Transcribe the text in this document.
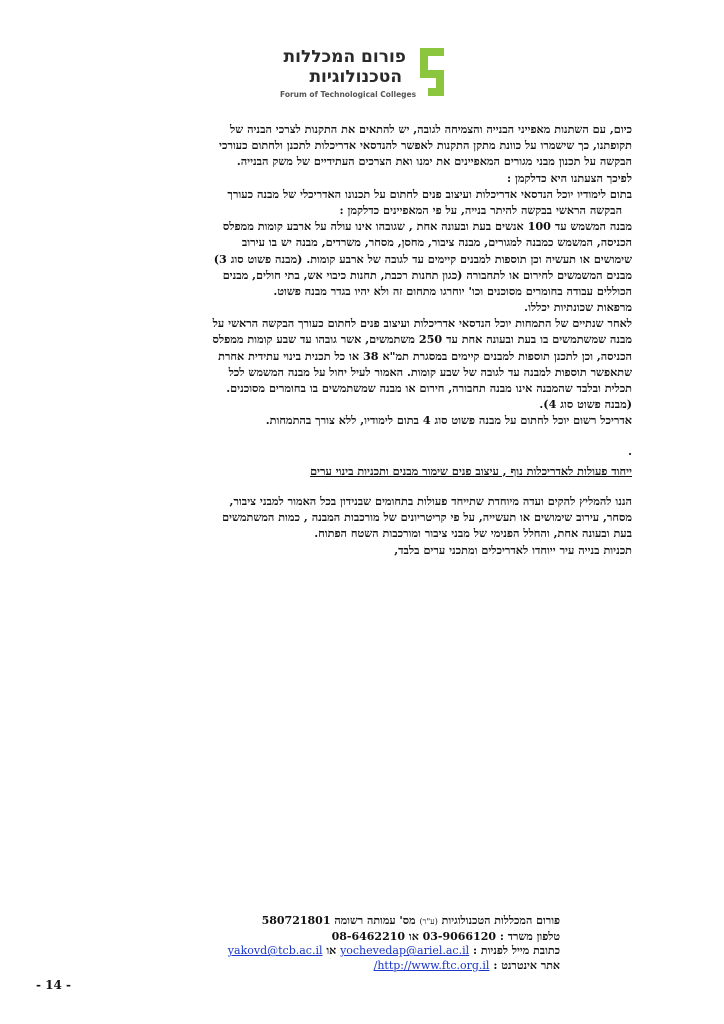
פורום המכללות
הטכנולוגיות
Forum of Technological Colleges
כיום, עם השתנות מאפייני הבנייה והצמיחה לגובה, יש להתאים את התקנות לצרכי הבניה של
תקופתנו, כך שישמרו על כוונת מתקן התקנות לאפשר להנדסאי אדריכלות לתכנן ולחתום כעורכי
הבקשה על תכנון מבני מגורים המאפיינים את ימנו ואת הצרכים העתידיים של משק הבנייה.
לפיכך הצעתנו היא כדלקמן :
בתום לימודיו יוכל הנדסאי אדריכלות ועיצוב פנים לחתום על תכנונו האדריכלי של מבנה כעורך
הבקשה הראשי בבקשה להיתר בנייה, על פי המאפיינים כדלקמן :
מבנה המשמש עד 100 אנשים בעת ובעונה אחת , שגובהו אינו עולה על ארבע קומות ממפלס
הכניסה, המשמש כמבנה למגורים, מבנה ציבור, מחסן, מסחר, משרדים, מבנה יש בו עירוב
שימושים או תעשיה וכן תוספות למבנים קיימים עד לגובה של ארבע קומות. (מבנה פשוט סוג 3)
מבנים המשמשים לחירום או לתחבורה (כגון תחנות רכבת, תחנות כיבוי אש, בתי חולים, מבנים
הכוללים עבודה בחומרים מסוכנים וכו' יוחרגו מתחום זה ולא יהיו בגדר מבנה פשוט.
מרפאות שכונתיות יכללו.
לאחר שנתיים של התמחות יוכל הנדסאי אדריכלות ועיצוב פנים לחתום כעורך הבקשה הראשי על
מבנה שמשתמשים בו בעת ובעונה אחת עד 250 משתמשים, אשר גובהו עד שבע קומות ממפלס
הכניסה, וכן לתכנן תוספות למבנים קיימים במסגרת תמ"א 38 או כל תכנית בינוי עתידית אחרת
שתאפשר תוספות למבנה עד לגובה של שבע קומות. האמור לעיל יחול על מבנה המשמש לכל
תכלית ובלבד שהמבנה אינו מבנה תחבורה, חירום או מבנה שמשתמשים בו בחומרים מסוכנים.
(מבנה פשוט סוג 4).
אדריכל רשום יוכל לחתום על מבנה פשוט סוג 4 בתום לימודיו, ללא צורך בהתמחות.
.
ייחוד פעולות לאדריכלות נוף , עיצוב פנים שימור מבנים ותכניות בינוי ערים
הננו להמליץ להקים ועדה מיוחדת שתייחד פעולות בתחומים שבנידון בכל האמור למבני ציבור,
מסחר, עירוב שימושים או תעשייה, על פי קריטריונים של מורכבות המבנה , כמות המשתמשים
בעת ובעונה אחת, והחלל הפנימי של מבני ציבור ומורכבות השטח הפתוח.
תכניות בנייה עיר ייוחדו לאדריכלים ומתכני ערים בלבד,
פורום המכללות הטכנולוגיות (ע"ר) מס' עמותה רשומה 580721801
טלפון משרד : 03-9066120 או 08-6462210
כתובת מייל לפניות : yochevedap@ariel.ac.il או yakovd@tcb.ac.il
אתר אינטרנט : http://www.ftc.org.il/
- 14 -
